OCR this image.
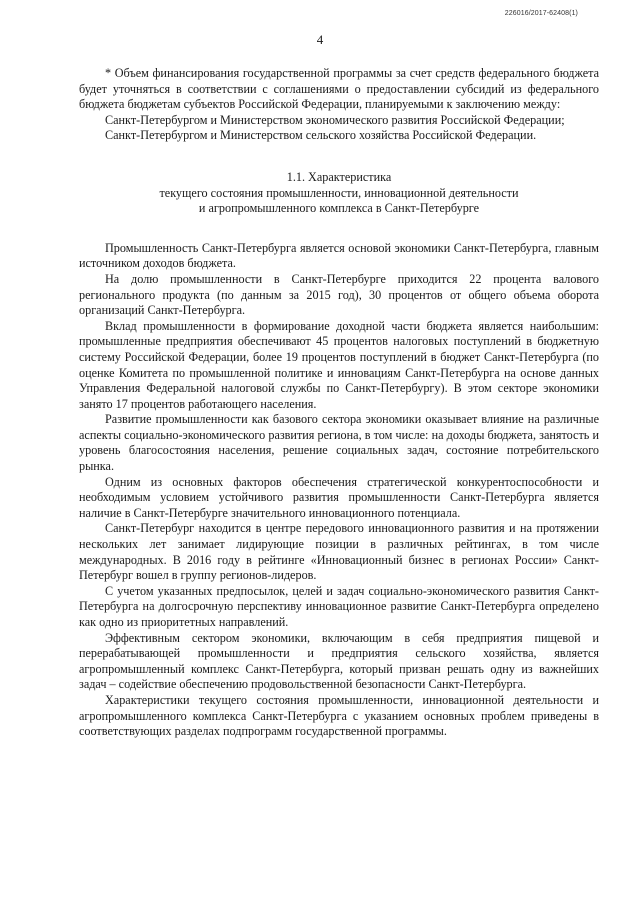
226016/2017-62408(1)
4

* Объем финансирования государственной программы за счет средств федерального бюджета будет уточняться в соответствии с соглашениями о предоставлении субсидий из федерального бюджета бюджетам субъектов Российской Федерации, планируемыми к заключению между:

Санкт-Петербургом и Министерством экономического развития Российской Федерации;
Санкт-Петербургом и Министерством сельского хозяйства Российской Федерации.
1.1. Характеристика
текущего состояния промышленности, инновационной деятельности
и агропромышленного комплекса в Санкт-Петербурге

Промышленность Санкт-Петербурга является основой экономики Санкт-Петербурга, главным источником доходов бюджета.

На долю промышленности в Санкт-Петербурге приходится 22 процента валового регионального продукта (по данным за 2015 год), 30 процентов от общего объема оборота организаций Санкт-Петербурга.

Вклад промышленности в формирование доходной части бюджета является наибольшим: промышленные предприятия обеспечивают 45 процентов налоговых поступлений в бюджетную систему Российской Федерации, более 19 процентов поступлений в бюджет Санкт-Петербурга (по оценке Комитета по промышленной политике и инновациям Санкт-Петербурга на основе данных Управления Федеральной налоговой службы по Санкт-Петербургу). В этом секторе экономики занято 17 процентов работающего населения.

Развитие промышленности как базового сектора экономики оказывает влияние на различные аспекты социально-экономического развития региона, в том числе: на доходы бюджета, занятость и уровень благосостояния населения, решение социальных задач, состояние потребительского рынка.

Одним из основных факторов обеспечения стратегической конкурентоспособности и необходимым условием устойчивого развития промышленности Санкт-Петербурга является наличие в Санкт-Петербурге значительного инновационного потенциала.

Санкт-Петербург находится в центре передового инновационного развития и на протяжении нескольких лет занимает лидирующие позиции в различных рейтингах, в том числе международных. В 2016 году в рейтинге «Инновационный бизнес в регионах России» Санкт-Петербург вошел в группу регионов-лидеров.

С учетом указанных предпосылок, целей и задач социально-экономического развития Санкт-Петербурга на долгосрочную перспективу инновационное развитие Санкт-Петербурга определено как одно из приоритетных направлений.

Эффективным сектором экономики, включающим в себя предприятия пищевой и перерабатывающей промышленности и предприятия сельского хозяйства, является агропромышленный комплекс Санкт-Петербурга, который призван решать одну из важнейших задач – содействие обеспечению продовольственной безопасности Санкт-Петербурга.

Характеристики текущего состояния промышленности, инновационной деятельности и агропромышленного комплекса Санкт-Петербурга с указанием основных проблем приведены в соответствующих разделах подпрограмм государственной программы.
